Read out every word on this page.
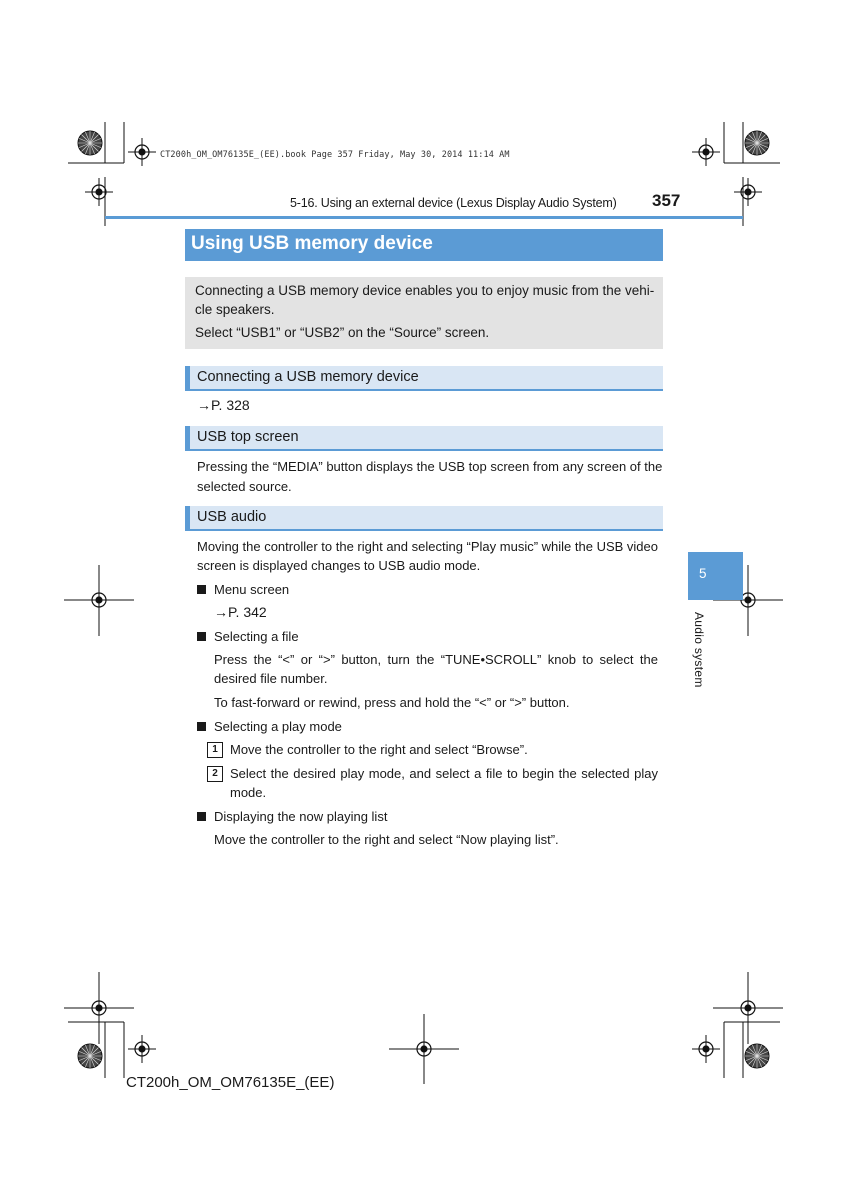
CT200h_OM_OM76135E_(EE).book Page 357 Friday, May 30, 2014 11:14 AM
5-16. Using an external device (Lexus Display Audio System) 357
Using USB memory device
Connecting a USB memory device enables you to enjoy music from the vehi-
cle speakers.
Select “USB1” or “USB2” on the “Source” screen.
Connecting a USB memory device
→P. 328
USB top screen
Pressing the “MEDIA” button displays the USB top screen from any screen of the
selected source.
USB audio
Moving the controller to the right and selecting “Play music” while the USB video
screen is displayed changes to USB audio mode.
Menu screen
→P. 342
Selecting a file
Press the “<” or “>” button, turn the “TUNE•SCROLL” knob to select the
desired file number.
To fast-forward or rewind, press and hold the “<” or “>” button.
Selecting a play mode
1 Move the controller to the right and select “Browse”.
2 Select the desired play mode, and select a file to begin the selected play
mode.
Displaying the now playing list
Move the controller to the right and select “Now playing list”.
5
Audio system
CT200h_OM_OM76135E_(EE)
